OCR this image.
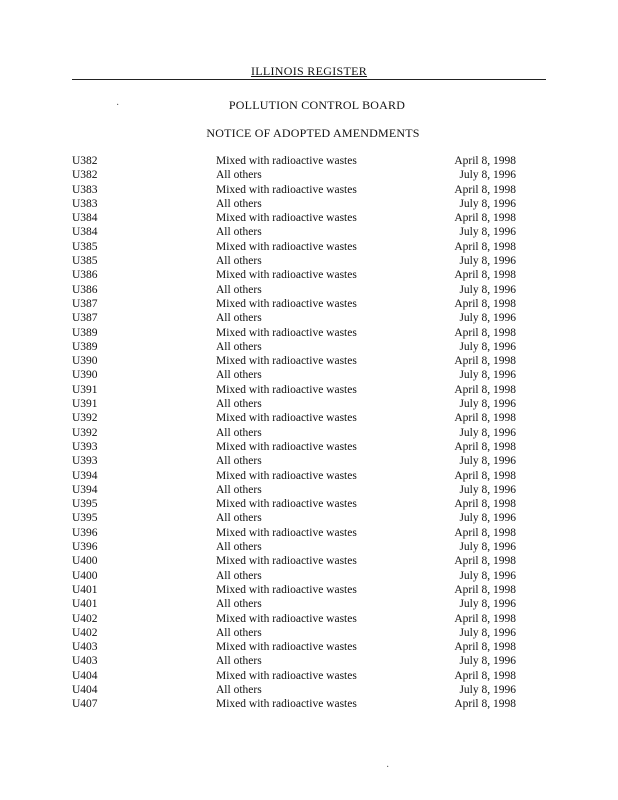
ILLINOIS REGISTER
·	POLLUTION CONTROL BOARD
NOTICE OF ADOPTED AMENDMENTS
U382	Mixed with radioactive wastes	April 8, 1998
U382	All others	July 8, 1996
U383	Mixed with radioactive wastes	April 8, 1998
U383	All others	July 8, 1996
U384	Mixed with radioactive wastes	April 8, 1998
U384	All others	July 8, 1996
U385	Mixed with radioactive wastes	April 8, 1998
U385	All others	July 8, 1996
U386	Mixed with radioactive wastes	April 8, 1998
U386	All others	July 8, 1996
U387	Mixed with radioactive wastes	April 8, 1998
U387	All others	July 8, 1996
U389	Mixed with radioactive wastes	April 8, 1998
U389	All others	July 8, 1996
U390	Mixed with radioactive wastes	April 8, 1998
U390	All others	July 8, 1996
U391	Mixed with radioactive wastes	April 8, 1998
U391	All others	July 8, 1996
U392	Mixed with radioactive wastes	April 8, 1998
U392	All others	July 8, 1996
U393	Mixed with radioactive wastes	April 8, 1998
U393	All others	July 8, 1996
U394	Mixed with radioactive wastes	April 8, 1998
U394	All others	July 8, 1996
U395	Mixed with radioactive wastes	April 8, 1998
U395	All others	July 8, 1996
U396	Mixed with radioactive wastes	April 8, 1998
U396	All others	July 8, 1996
U400	Mixed with radioactive wastes	April 8, 1998
U400	All others	July 8, 1996
U401	Mixed with radioactive wastes	April 8, 1998
U401	All others	July 8, 1996
U402	Mixed with radioactive wastes	April 8, 1998
U402	All others	July 8, 1996
U403	Mixed with radioactive wastes	April 8, 1998
U403	All others	July 8, 1996
U404	Mixed with radioactive wastes	April 8, 1998
U404	All others	July 8, 1996
U407	Mixed with radioactive wastes	April 8, 1998
·
